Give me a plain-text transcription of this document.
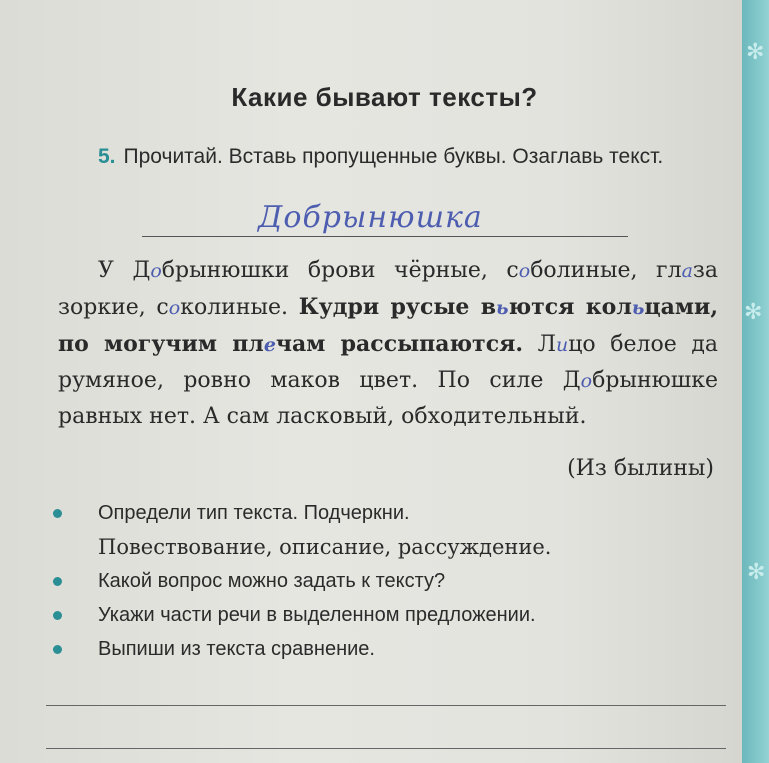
✻
✻
✻
Какие бывают тексты?
5. Прочитай. Вставь пропущенные буквы. Озаглавь текст.
Добрынюшка
У Добрынюшки брови чёрные, соболиные, глаза зоркие, соколиные. Кудри русые вьются кольцами, по могучим плечам рассыпаются. Лицо белое да румяное, ровно маков цвет. По силе Добрынюшке равных нет. А сам ласковый, обходительный.
(Из былины)
Определи тип текста. Подчеркни.
Повествование, описание, рассуждение.
Какой вопрос можно задать к тексту?
Укажи части речи в выделенном предложении.
Выпиши из текста сравнение.
